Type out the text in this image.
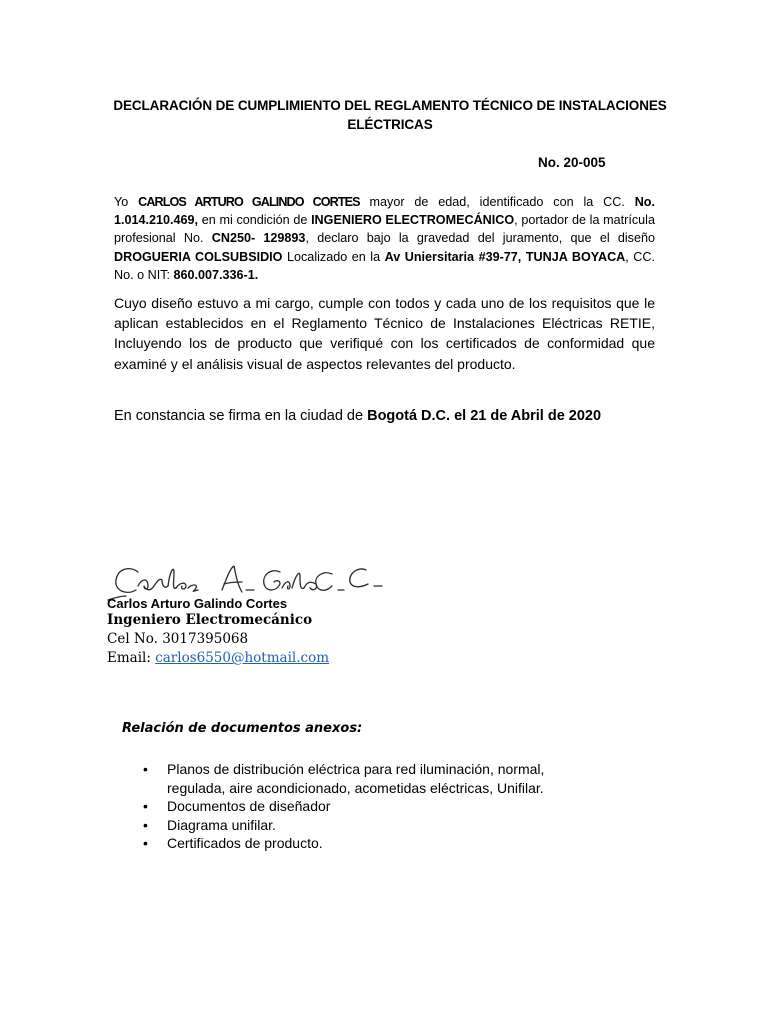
DECLARACIÓN DE CUMPLIMIENTO DEL REGLAMENTO TÉCNICO DE INSTALACIONES ELÉCTRICAS
No. 20-005
Yo CARLOS ARTURO GALINDO CORTES mayor de edad, identificado con la CC. No. 1.014.210.469, en mi condición de INGENIERO ELECTROMECÁNICO, portador de la matrícula profesional No. CN250- 129893, declaro bajo la gravedad del juramento, que el diseño DROGUERIA COLSUBSIDIO Localizado en la Av Uniersitaria #39-77, TUNJA BOYACA, CC. No. o NIT: 860.007.336-1.
Cuyo diseño estuvo a mi cargo, cumple con todos y cada uno de los requisitos que le aplican establecidos en el Reglamento Técnico de Instalaciones Eléctricas RETIE, Incluyendo los de producto que verifiqué con los certificados de conformidad que examiné y el análisis visual de aspectos relevantes del producto.
En constancia se firma en la ciudad de Bogotá D.C. el 21 de Abril de 2020
Carlos Arturo Galindo Cortes
Ingeniero Electromecánico
Cel No. 3017395068
Email: carlos6550@hotmail.com
Relación de documentos anexos:
• Planos de distribución eléctrica para red iluminación, normal, regulada, aire acondicionado, acometidas eléctricas, Unifilar.
• Documentos de diseñador
• Diagrama unifilar.
• Certificados de producto.
